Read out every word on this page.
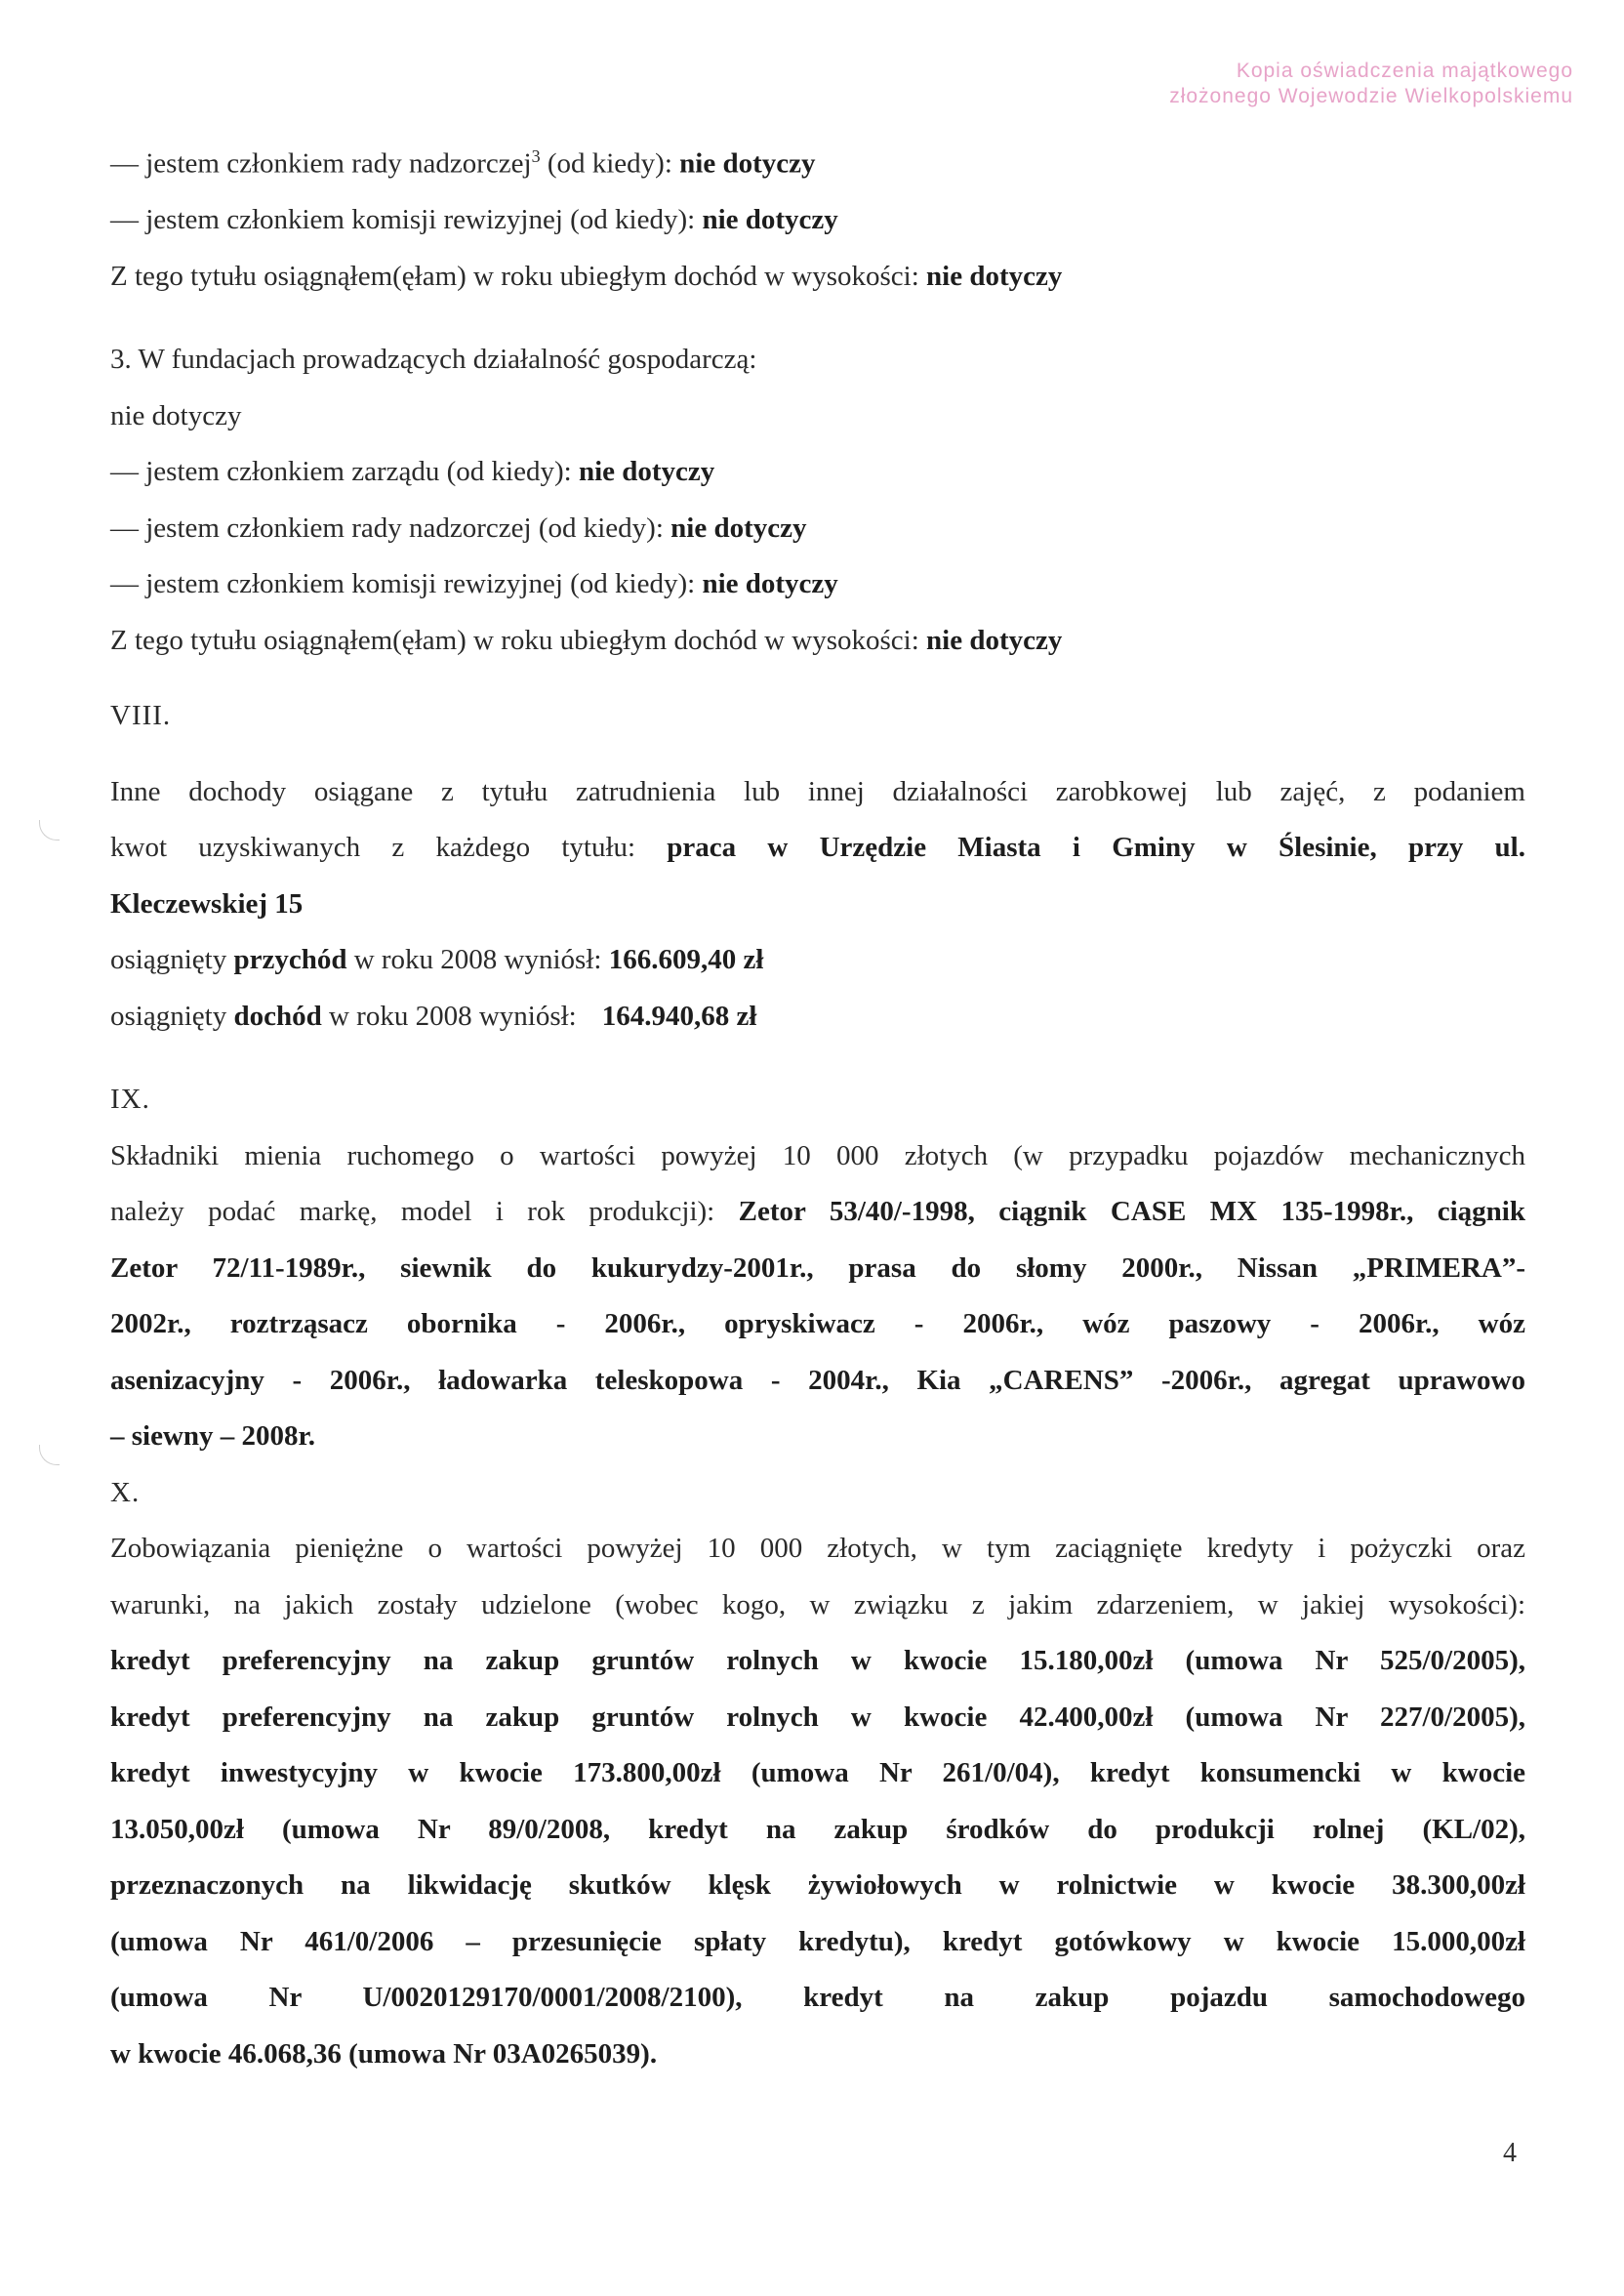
Kopia oświadczenia majątkowego
złożonego Wojewodzie Wielkopolskiemu
— jestem członkiem rady nadzorczej$^3$ (od kiedy): nie dotyczy
— jestem członkiem komisji rewizyjnej (od kiedy): nie dotyczy
Z tego tytułu osiągnąłem(ęłam) w roku ubiegłym dochód w wysokości: nie dotyczy
3. W fundacjach prowadzących działalność gospodarczą:
nie dotyczy
— jestem członkiem zarządu (od kiedy): nie dotyczy
— jestem członkiem rady nadzorczej (od kiedy): nie dotyczy
— jestem członkiem komisji rewizyjnej (od kiedy): nie dotyczy
Z tego tytułu osiągnąłem(ęłam) w roku ubiegłym dochód w wysokości: nie dotyczy
VIII.
Inne dochody osiągane z tytułu zatrudnienia lub innej działalności zarobkowej lub zajęć, z podaniem
kwot uzyskiwanych z każdego tytułu: praca w Urzędzie Miasta i Gminy w Ślesinie, przy ul.
Kleczewskiej 15
osiągnięty przychód w roku 2008 wyniósł: 166.609,40 zł
osiągnięty dochód w roku 2008 wyniósł: 164.940,68 zł
IX.
Składniki mienia ruchomego o wartości powyżej 10 000 złotych (w przypadku pojazdów mechanicznych
należy podać markę, model i rok produkcji): Zetor 53/40/-1998, ciągnik CASE MX 135-1998r., ciągnik
Zetor 72/11-1989r., siewnik do kukurydzy-2001r., prasa do słomy 2000r., Nissan „PRIMERA”-
2002r., roztrząsacz obornika - 2006r., opryskiwacz - 2006r., wóz paszowy - 2006r., wóz
asenizacyjny - 2006r., ładowarka teleskopowa - 2004r., Kia „CARENS” -2006r., agregat uprawowo
– siewny – 2008r.
X.
Zobowiązania pieniężne o wartości powyżej 10 000 złotych, w tym zaciągnięte kredyty i pożyczki oraz
warunki, na jakich zostały udzielone (wobec kogo, w związku z jakim zdarzeniem, w jakiej wysokości):
kredyt preferencyjny na zakup gruntów rolnych w kwocie 15.180,00zł (umowa Nr 525/0/2005),
kredyt preferencyjny na zakup gruntów rolnych w kwocie 42.400,00zł (umowa Nr 227/0/2005),
kredyt inwestycyjny w kwocie 173.800,00zł (umowa Nr 261/0/04), kredyt konsumencki w kwocie
13.050,00zł (umowa Nr 89/0/2008, kredyt na zakup środków do produkcji rolnej (KL/02),
przeznaczonych na likwidację skutków klęsk żywiołowych w rolnictwie w kwocie 38.300,00zł
(umowa Nr 461/0/2006 – przesunięcie spłaty kredytu), kredyt gotówkowy w kwocie 15.000,00zł
(umowa Nr U/0020129170/0001/2008/2100), kredyt na zakup pojazdu samochodowego
w kwocie 46.068,36 (umowa Nr 03A0265039).
4
